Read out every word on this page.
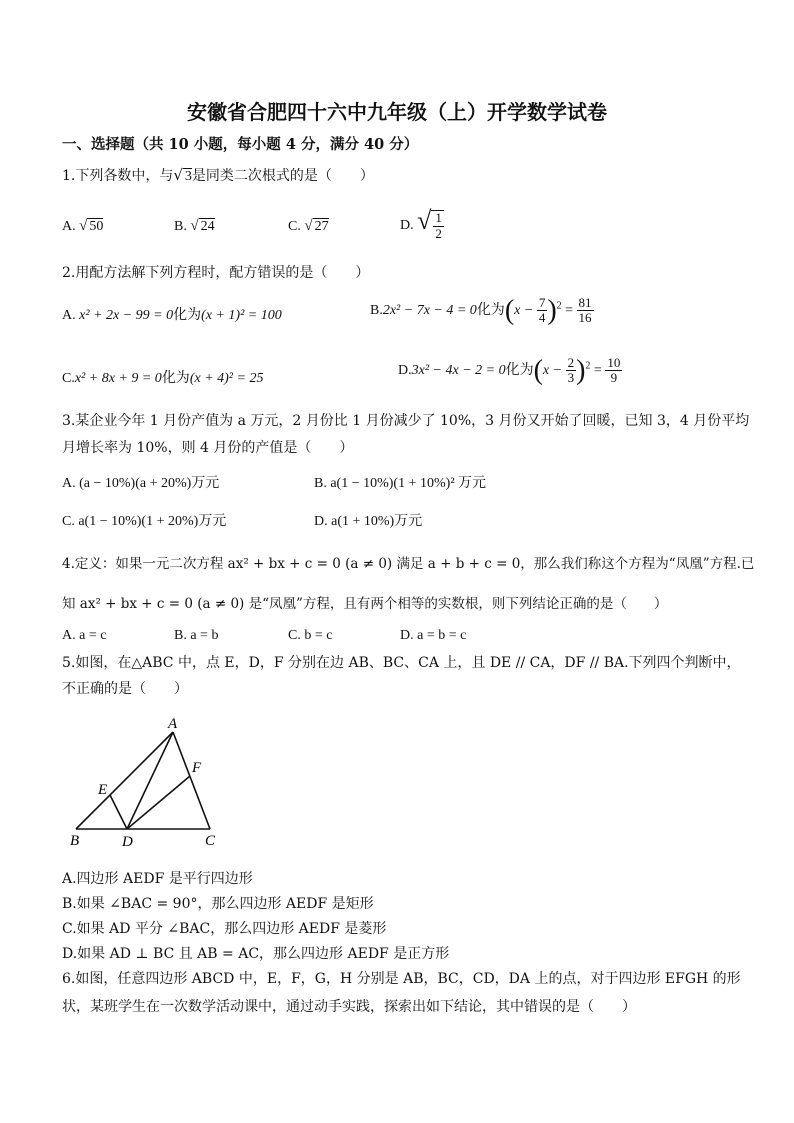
安徽省合肥四十六中九年级（上）开学数学试卷
一、选择题（共 10 小题，每小题 4 分，满分 40 分）
1.下列各数中，与√ 3是同类二次根式的是（　　）
A. √ 50	B. √ 24	C. √ 27	D. √ $\frac{1}{2}$
2.用配方法解下列方程时，配方错误的是（　　）
A. x² + 2x − 99 = 0化为(x + 1)² = 100	B.2x² − 7x − 4 = 0化为$(x - \frac{7}{4} )^2 = \frac{81}{16}$
C.x² + 8x + 9 = 0化为(x + 4)² = 25
D.3x² − 4x − 2 = 0化为$(x - \frac{2}{3} )^2 = \frac{10}{9}$
3.某企业今年 1 月份产值为 a 万元，2 月份比 1 月份减少了 10%，3 月份又开始了回暖，已知 3，4 月份平均
月增长率为 10%，则 4 月份的产值是（　　）
A. (a − 10%)(a + 20%)万元	B. a(1 − 10%)(1 + 10%)² 万元
C. a(1 − 10%)(1 + 20%)万元	D. a(1 + 10%)万元
4.定义：如果一元二次方程 ax² + bx + c = 0 (a ≠ 0) 满足 a + b + c = 0，那么我们称这个方程为“凤凰”方程.已
知 ax² + bx + c = 0 (a ≠ 0) 是“凤凰”方程，且有两个相等的实数根，则下列结论正确的是（　　）
A. a = c	B. a = b	C. b = c	D. a = b = c
5.如图，在△ABC 中，点 E，D，F 分别在边 AB、BC、CA 上，且 DE // CA，DF // BA.下列四个判断中，
不正确的是（　　）
A
B	C
D
E
F
A.四边形 AEDF 是平行四边形
B.如果 ∠BAC = 90°，那么四边形 AEDF 是矩形
C.如果 AD 平分 ∠BAC，那么四边形 AEDF 是菱形
D.如果 AD ⊥ BC 且 AB = AC，那么四边形 AEDF 是正方形
6.如图，任意四边形 ABCD 中，E，F，G，H 分别是 AB，BC，CD，DA 上的点，对于四边形 EFGH 的形
状，某班学生在一次数学活动课中，通过动手实践，探索出如下结论，其中错误的是（　　）
